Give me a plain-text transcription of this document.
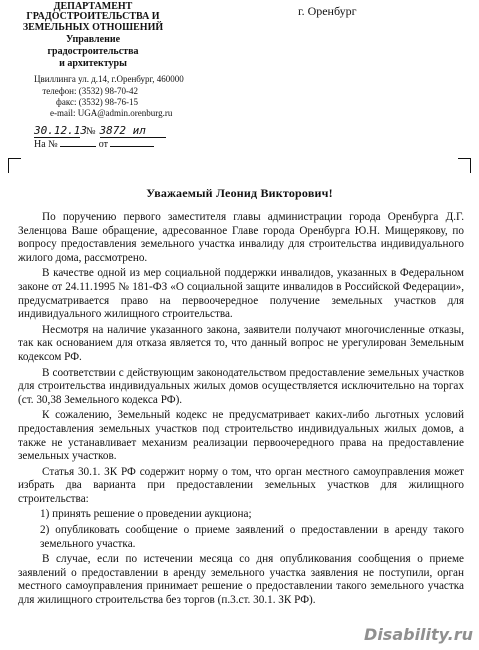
ДЕПАРТАМЕНТ
ГРАДОСТРОИТЕЛЬСТВА И
ЗЕМЕЛЬНЫХ ОТНОШЕНИЙ
Управление
градостроительства
и архитектуры
Цвиллинга ул. д.14, г.Оренбург, 460000
телефон: (3532) 98-70-42
факс: (3532) 98-76-15
e-mail: UGA@admin.orenburg.ru
30.12.13 № 3872 ил
На №	от
г. Оренбург
Уважаемый Леонид Викторович!

По поручению первого заместителя главы администрации города Оренбурга Д.Г. Зеленцова Ваше обращение, адресованное Главе города Оренбурга Ю.Н. Мищерякову, по вопросу предоставления земельного участка инвалиду для строительства индивидуального жилого дома, рассмотрено.

В качестве одной из мер социальной поддержки инвалидов, указанных в Федеральном законе от 24.11.1995 № 181-ФЗ «О социальной защите инвалидов в Российской Федерации», предусматривается право на первоочередное получение земельных участков для индивидуального жилищного строительства.

Несмотря на наличие указанного закона, заявители получают многочисленные отказы, так как основанием для отказа является то, что данный вопрос не урегулирован Земельным кодексом РФ.

В соответствии с действующим законодательством предоставление земельных участков для строительства индивидуальных жилых домов осуществляется исключительно на торгах (ст. 30,38 Земельного кодекса РФ).

К сожалению, Земельный кодекс не предусматривает каких-либо льготных условий предоставления земельных участков под строительство индивидуальных жилых домов, а также не устанавливает механизм реализации первоочередного права на предоставление земельных участков.

Статья 30.1. ЗК РФ содержит норму о том, что орган местного самоуправления может избрать два варианта при предоставлении земельных участков для жилищного строительства:

1) принять решение о проведении аукциона;

2) опубликовать сообщение о приеме заявлений о предоставлении в аренду такого земельного участка.

В случае, если по истечении месяца со дня опубликования сообщения о приеме заявлений о предоставлении в аренду земельного участка заявления не поступили, орган местного самоуправления принимает решение о предоставлении такого земельного участка для жилищного строительства без торгов (п.3.ст. 30.1. ЗК РФ).

Disability.ru
